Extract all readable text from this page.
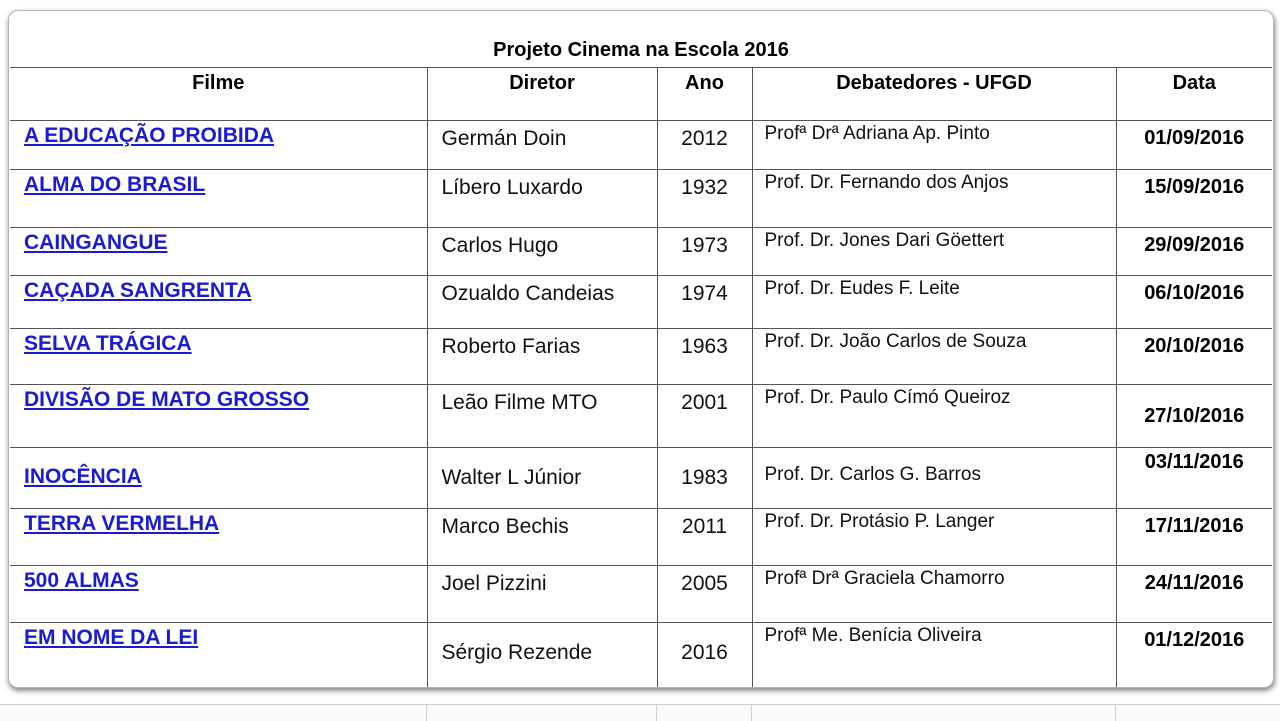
Projeto Cinema na Escola 2016
Filme	Diretor	Ano	Debatedores - UFGD	Data
A EDUCAÇÃO PROIBIDA	Germán Doin	2012	Profª Drª Adriana Ap. Pinto	01/09/2016
ALMA DO BRASIL	Líbero Luxardo	1932	Prof. Dr. Fernando dos Anjos	15/09/2016
CAINGANGUE	Carlos Hugo	1973	Prof. Dr. Jones Dari Göettert	29/09/2016
CAÇADA SANGRENTA	Ozualdo Candeias	1974	Prof. Dr. Eudes F. Leite	06/10/2016
SELVA TRÁGICA	Roberto Farias	1963	Prof. Dr. João Carlos de Souza	20/10/2016
DIVISÃO DE MATO GROSSO	Leão Filme MTO	2001	Prof. Dr. Paulo Címó Queiroz	27/10/2016
INOCÊNCIA	Walter L Júnior	1983	Prof. Dr. Carlos G. Barros	03/11/2016
TERRA VERMELHA	Marco Bechis	2011	Prof. Dr. Protásio P. Langer	17/11/2016
500 ALMAS	Joel Pizzini	2005	Profª Drª Graciela Chamorro	24/11/2016
EM NOME DA LEI	Sérgio Rezende	2016	Profª Me. Benícia Oliveira	01/12/2016
